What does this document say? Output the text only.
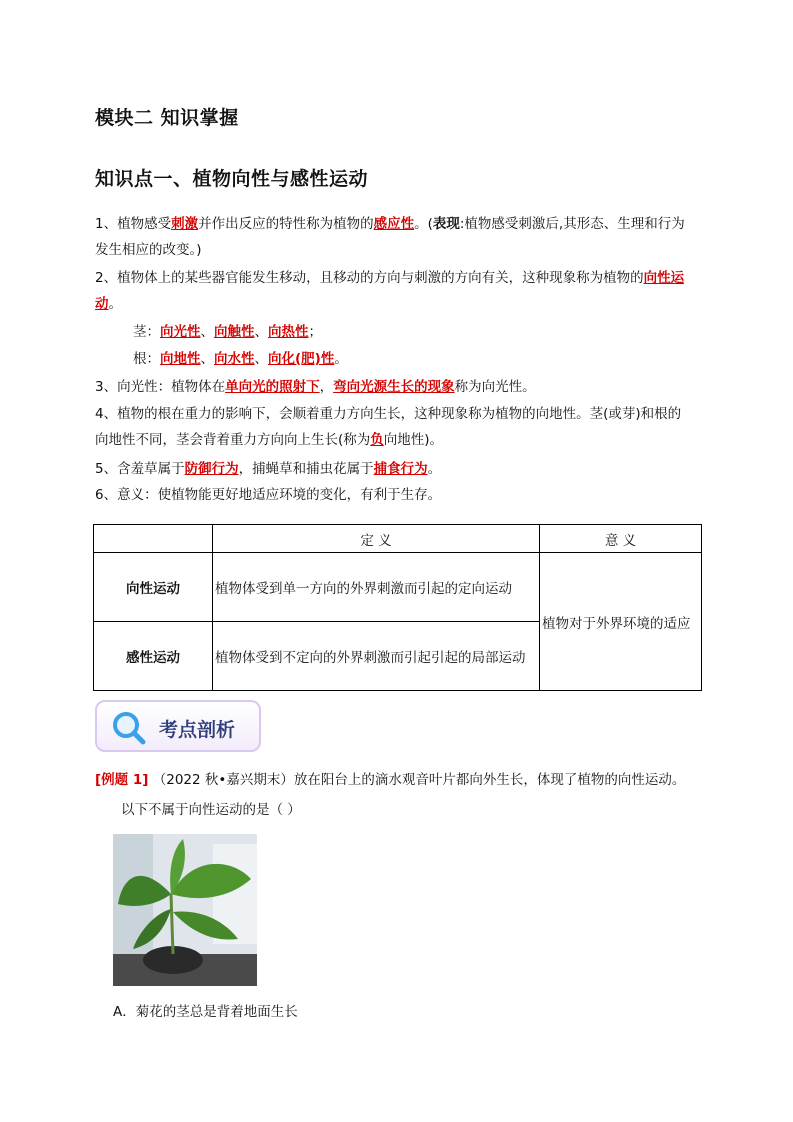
模块二 知识掌握
知识点一、植物向性与感性运动
1、植物感受刺激并作出反应的特性称为植物的感应性。(表现:植物感受刺激后,其形态、生理和行为
发生相应的改变。)
2、植物体上的某些器官能发生移动，且移动的方向与刺激的方向有关，这种现象称为植物的向性运
动。
茎：向光性、向触性、向热性；
根：向地性、向水性、向化(肥)性。
3、向光性：植物体在单向光的照射下，弯向光源生长的现象称为向光性。
4、植物的根在重力的影响下，会顺着重力方向生长，这种现象称为植物的向地性。茎(或芽)和根的
向地性不同，茎会背着重力方向向上生长(称为负向地性)。
5、含羞草属于防御行为，捕蝇草和捕虫花属于捕食行为。
6、意义：使植物能更好地适应环境的变化，有利于生存。
	定 义	意 义
向性运动	植物体受到单一方向的外界刺激而引起的定向运动	植物对于外界环境的适应
感性运动	植物体受到不定向的外界刺激而引起引起的局部运动	
考点剖析
[例题 1] （2022 秋•嘉兴期末）放在阳台上的滴水观音叶片都向外生长，体现了植物的向性运动。
以下不属于向性运动的是（ ）
A．菊花的茎总是背着地面生长
